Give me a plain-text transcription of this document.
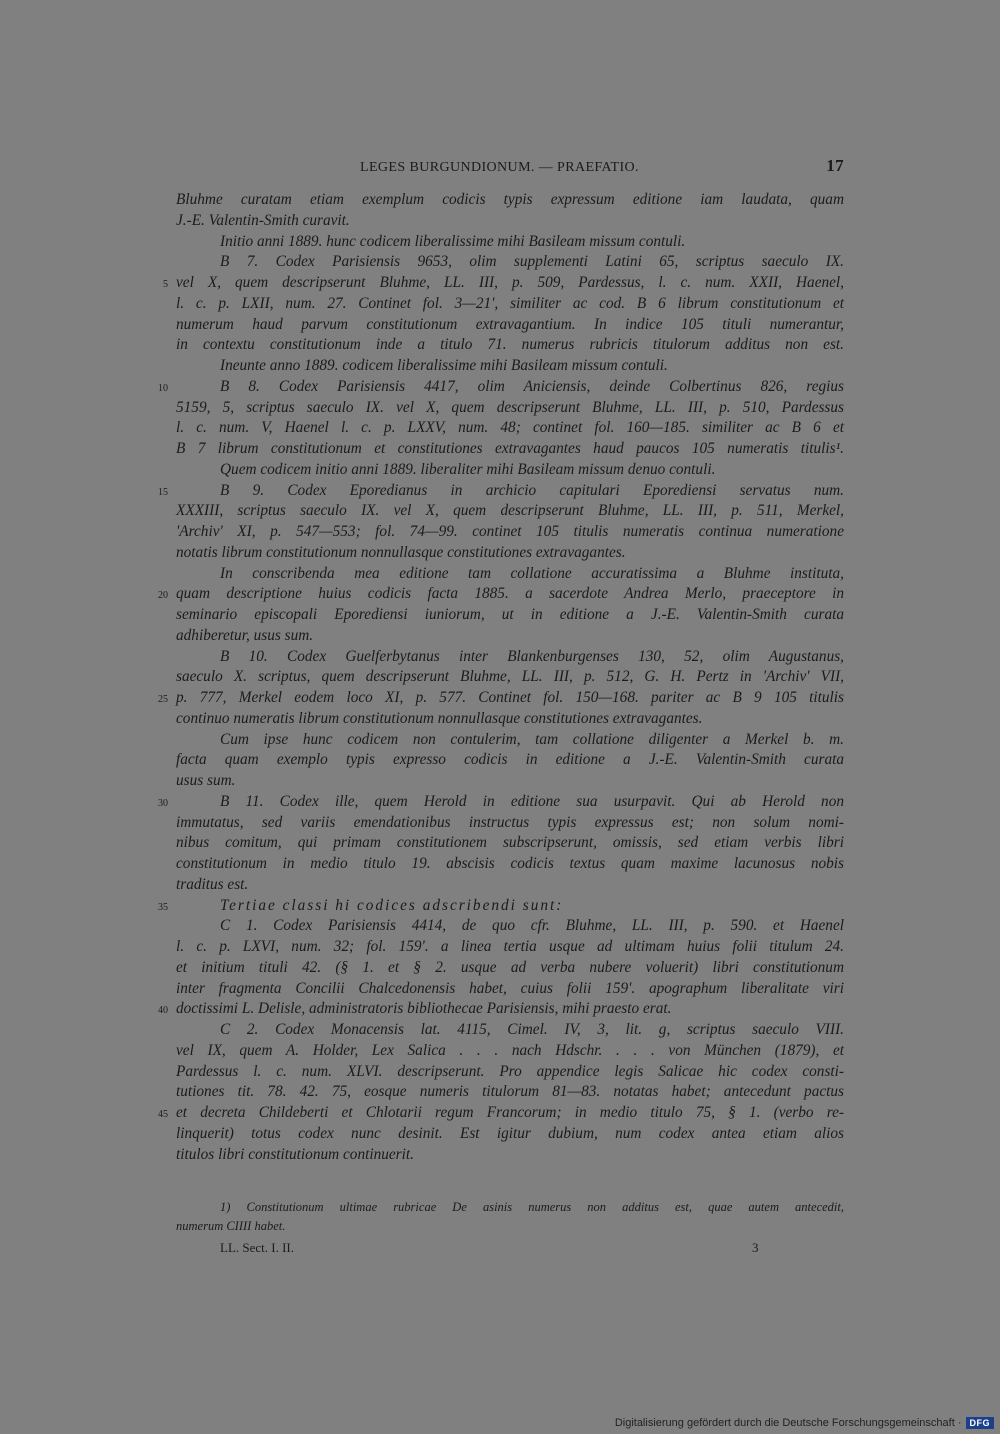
LEGES BURGUNDIONUM. — PRAEFATIO.	17
Bluhme curatam etiam exemplum codicis typis expressum editione iam laudata, quam
J.-E. Valentin-Smith curavit.
Initio anni 1889. hunc codicem liberalissime mihi Basileam missum contuli.
B 7. Codex Parisiensis 9653, olim supplementi Latini 65, scriptus saeculo IX.
vel X, quem descripserunt Bluhme, LL. III, p. 509, Pardessus, l. c. num. XXII, Haenel,
l. c. p. LXII, num. 27. Continet fol. 3—21', similiter ac cod. B 6 librum constitutionum et
numerum haud parvum constitutionum extravagantium. In indice 105 tituli numerantur,
in contextu constitutionum inde a titulo 71. numerus rubricis titulorum additus non est.
Ineunte anno 1889. codicem liberalissime mihi Basileam missum contuli.
B 8. Codex Parisiensis 4417, olim Aniciensis, deinde Colbertinus 826, regius
5159, 5, scriptus saeculo IX. vel X, quem descripserunt Bluhme, LL. III, p. 510, Pardessus
l. c. num. V, Haenel l. c. p. LXXV, num. 48; continet fol. 160—185. similiter ac B 6 et
B 7 librum constitutionum et constitutiones extravagantes haud paucos 105 numeratis titulis¹.
Quem codicem initio anni 1889. liberaliter mihi Basileam missum denuo contuli.
B 9. Codex Eporedianus in archicio capitulari Eporediensi servatus num.
XXXIII, scriptus saeculo IX. vel X, quem descripserunt Bluhme, LL. III, p. 511, Merkel,
'Archiv' XI, p. 547—553; fol. 74—99. continet 105 titulis numeratis continua numeratione
notatis librum constitutionum nonnullasque constitutiones extravagantes.
In conscribenda mea editione tam collatione accuratissima a Bluhme instituta,
quam descriptione huius codicis facta 1885. a sacerdote Andrea Merlo, praeceptore in
seminario episcopali Eporediensi iuniorum, ut in editione a J.-E. Valentin-Smith curata
adhiberetur, usus sum.
B 10. Codex Guelferbytanus inter Blankenburgenses 130, 52, olim Augustanus,
saeculo X. scriptus, quem descripserunt Bluhme, LL. III, p. 512, G. H. Pertz in 'Archiv' VII,
p. 777, Merkel eodem loco XI, p. 577. Continet fol. 150—168. pariter ac B 9 105 titulis
continuo numeratis librum constitutionum nonnullasque constitutiones extravagantes.
Cum ipse hunc codicem non contulerim, tam collatione diligenter a Merkel b. m.
facta quam exemplo typis expresso codicis in editione a J.-E. Valentin-Smith curata
usus sum.
B 11. Codex ille, quem Herold in editione sua usurpavit. Qui ab Herold non
immutatus, sed variis emendationibus instructus typis expressus est; non solum nomi-
nibus comitum, qui primam constitutionem subscripserunt, omissis, sed etiam verbis libri
constitutionum in medio titulo 19. abscisis codicis textus quam maxime lacunosus nobis
traditus est.
Tertiae classi hi codices adscribendi sunt:
C 1. Codex Parisiensis 4414, de quo cfr. Bluhme, LL. III, p. 590. et Haenel
l. c. p. LXVI, num. 32; fol. 159'. a linea tertia usque ad ultimam huius folii titulum 24.
et initium tituli 42. (§ 1. et § 2. usque ad verba nubere voluerit) libri constitutionum
inter fragmenta Concilii Chalcedonensis habet, cuius folii 159'. apographum liberalitate viri
doctissimi L. Delisle, administratoris bibliothecae Parisiensis, mihi praesto erat.
C 2. Codex Monacensis lat. 4115, Cimel. IV, 3, lit. g, scriptus saeculo VIII.
vel IX, quem A. Holder, Lex Salica . . . nach Hdschr. . . . von München (1879), et
Pardessus l. c. num. XLVI. descripserunt. Pro appendice legis Salicae hic codex consti-
tutiones tit. 78. 42. 75, eosque numeris titulorum 81—83. notatas habet; antecedunt pactus
et decreta Childeberti et Chlotarii regum Francorum; in medio titulo 75, § 1. (verbo re-
linquerit) totus codex nunc desinit. Est igitur dubium, num codex antea etiam alios
titulos libri constitutionum continuerit.
5
10
15
20
25
30
35
40
45
1) Constitutionum ultimae rubricae De asinis numerus non additus est, quae autem antecedit,
numerum CIIII habet.
LL. Sect. I. II.	3
Digitalisierung gefördert durch die Deutsche Forschungsgemeinschaft · DFG
